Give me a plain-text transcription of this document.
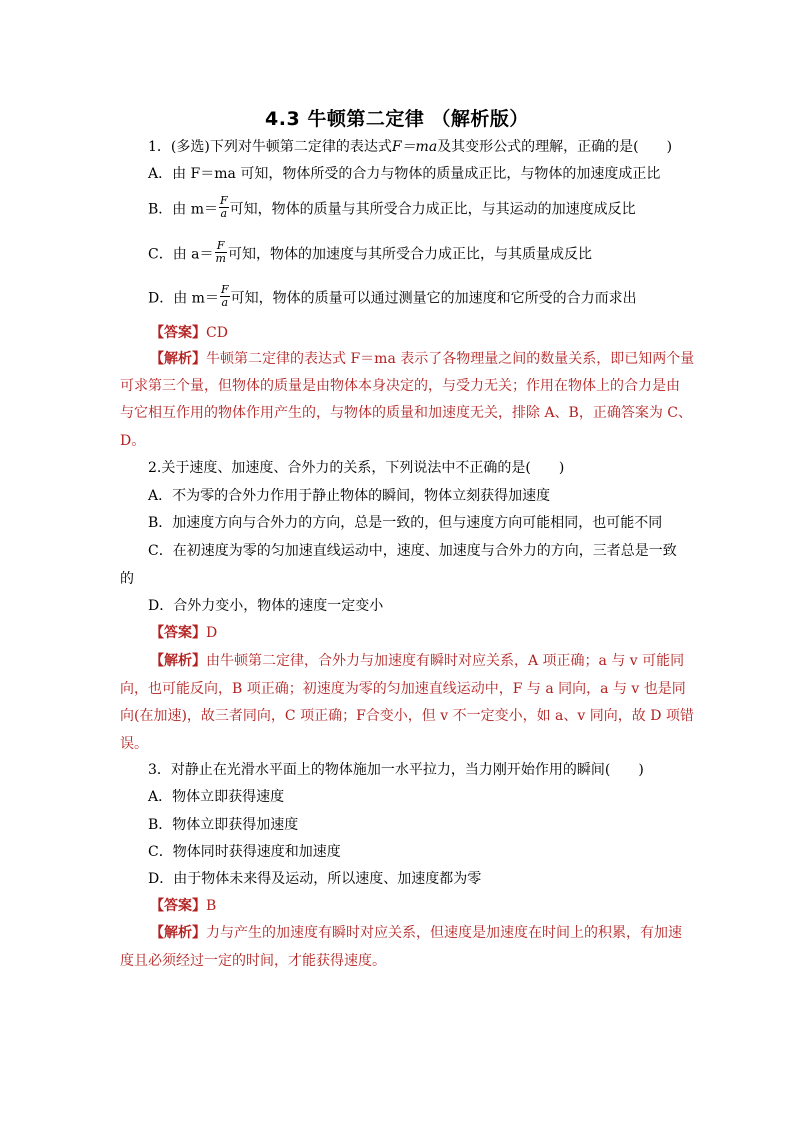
4.3 牛顿第二定律 （解析版）
1．(多选)下列对牛顿第二定律的表达式F＝ma及其变形公式的理解，正确的是(　　)
A．由 F＝ma 可知，物体所受的合力与物体的质量成正比，与物体的加速度成正比
B．由 $m= \frac{F}{a}$ 可知，物体的质量与其所受合力成正比，与其运动的加速度成反比
C．由 $a= \frac{F}{m}$ 可知，物体的加速度与其所受合力成正比，与其质量成反比
D．由 $m= \frac{F}{a}$ 可知，物体的质量可以通过测量它的加速度和它所受的合力而求出
【答案】CD
【解析】牛顿第二定律的表达式 F＝ma 表示了各物理量之间的数量关系，即已知两个量
可求第三个量，但物体的质量是由物体本身决定的，与受力无关；作用在物体上的合力是由
与它相互作用的物体作用产生的，与物体的质量和加速度无关，排除 A、B，正确答案为 C、
D。
2.关于速度、加速度、合外力的关系，下列说法中不正确的是(　　)
A．不为零的合外力作用于静止物体的瞬间，物体立刻获得加速度
B．加速度方向与合外力的方向，总是一致的，但与速度方向可能相同，也可能不同
C．在初速度为零的匀加速直线运动中，速度、加速度与合外力的方向，三者总是一致
的
D．合外力变小，物体的速度一定变小
【答案】D
【解析】由牛顿第二定律，合外力与加速度有瞬时对应关系，A 项正确；a 与 v 可能同
向，也可能反向，B 项正确；初速度为零的匀加速直线运动中，F 与 a 同向，a 与 v 也是同
向(在加速)，故三者同向，C 项正确；F合变小，但 v 不一定变小，如 a、v 同向，故 D 项错
误。
3．对静止在光滑水平面上的物体施加一水平拉力，当力刚开始作用的瞬间(　　)
A．物体立即获得速度
B．物体立即获得加速度
C．物体同时获得速度和加速度
D．由于物体未来得及运动，所以速度、加速度都为零
【答案】B
【解析】力与产生的加速度有瞬时对应关系，但速度是加速度在时间上的积累，有加速
度且必须经过一定的时间，才能获得速度。
